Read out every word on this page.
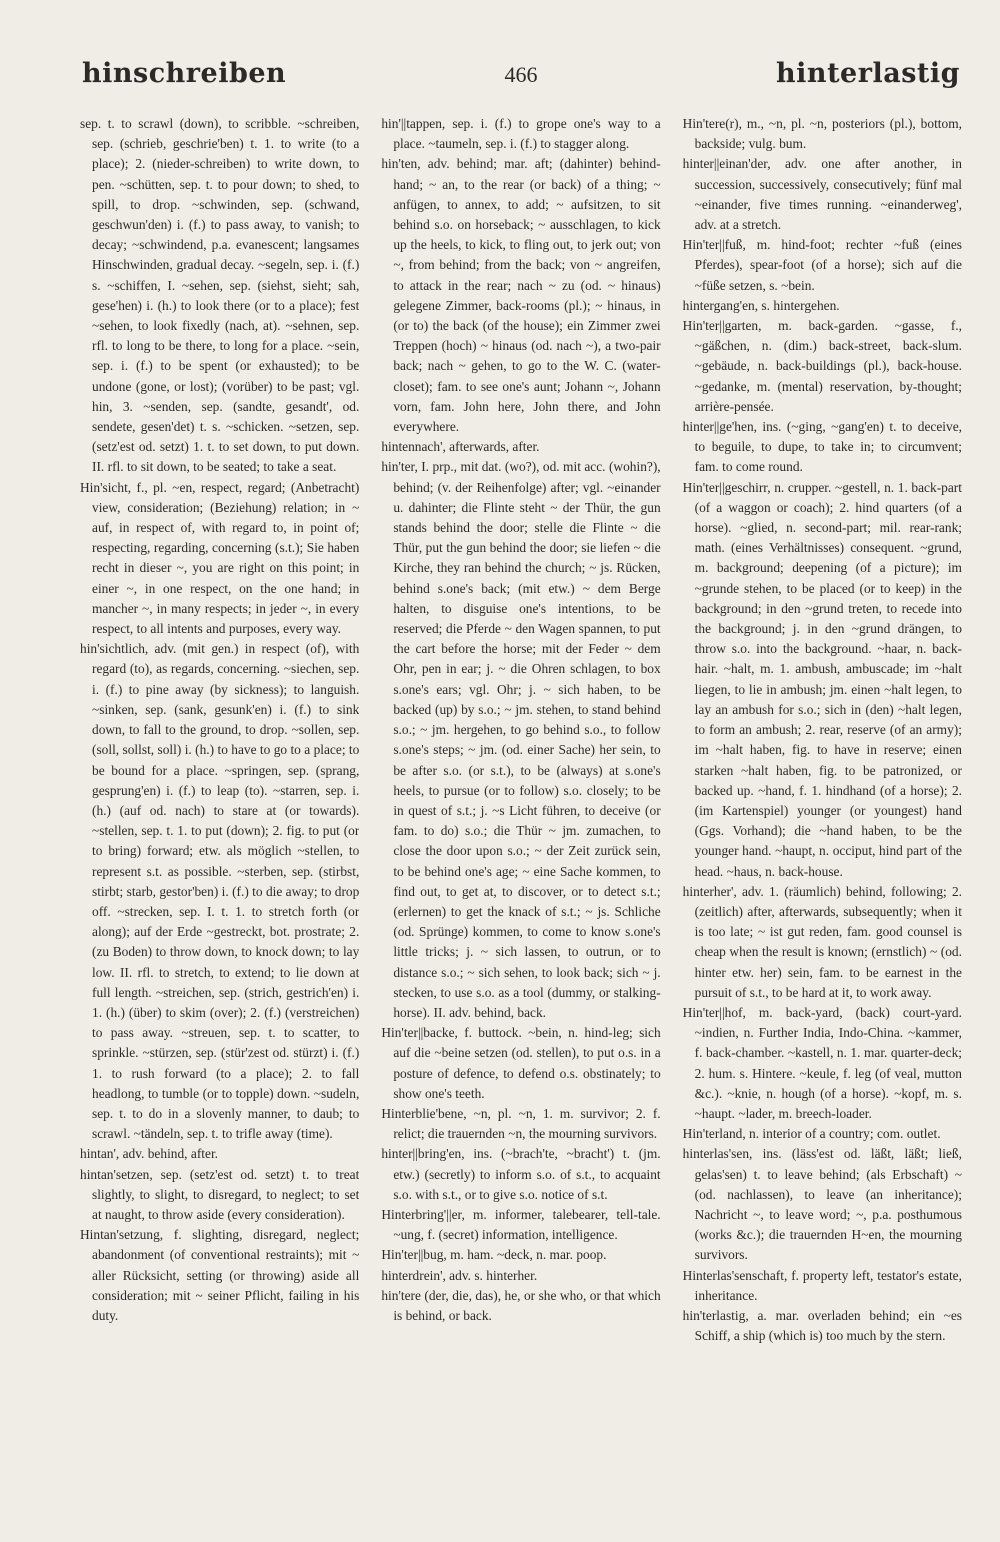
hinschreiben	466	hinterlastig

sep. t. to scrawl (down), to scribble. ~schreiben, sep. (schrieb, geschrie'ben) t. 1. to write (to a place); 2. (nieder-schreiben) to write down, to pen. ~schütten, sep. t. to pour down; to shed, to spill, to drop. ~schwinden, sep. (schwand, geschwun'den) i. (f.) to pass away, to vanish; to decay; ~schwindend, p.a. evanescent; langsames Hinschwinden, gradual decay. ~segeln, sep. i. (f.) s. ~schiffen, I. ~sehen, sep. (siehst, sieht; sah, gese'hen) i. (h.) to look there (or to a place); fest ~sehen, to look fixedly (nach, at). ~sehnen, sep. rfl. to long to be there, to long for a place. ~sein, sep. i. (f.) to be spent (or exhausted); to be undone (gone, or lost); (vorüber) to be past; vgl. hin, 3. ~senden, sep. (sandte, gesandt', od. sendete, gesen'det) t. s. ~schicken. ~setzen, sep. (setz'est od. setzt) 1. t. to set down, to put down. II. rfl. to sit down, to be seated; to take a seat.

Hin'sicht, f., pl. ~en, respect, regard; (Anbetracht) view, consideration; (Beziehung) relation; in ~ auf, in respect of, with regard to, in point of; respecting, regarding, concerning (s.t.); Sie haben recht in dieser ~, you are right on this point; in einer ~, in one respect, on the one hand; in mancher ~, in many respects; in jeder ~, in every respect, to all intents and purposes, every way.

hin'sichtlich, adv. (mit gen.) in respect (of), with regard (to), as regards, concerning. ~siechen, sep. i. (f.) to pine away (by sickness); to languish. ~sinken, sep. (sank, gesunk'en) i. (f.) to sink down, to fall to the ground, to drop. ~sollen, sep. (soll, sollst, soll) i. (h.) to have to go to a place; to be bound for a place. ~springen, sep. (sprang, gesprung'en) i. (f.) to leap (to). ~starren, sep. i. (h.) (auf od. nach) to stare at (or towards). ~stellen, sep. t. 1. to put (down); 2. fig. to put (or to bring) forward; etw. als möglich ~stellen, to represent s.t. as possible. ~sterben, sep. (stirbst, stirbt; starb, gestor'ben) i. (f.) to die away; to drop off. ~strecken, sep. I. t. 1. to stretch forth (or along); auf der Erde ~gestreckt, bot. prostrate; 2. (zu Boden) to throw down, to knock down; to lay low. II. rfl. to stretch, to extend; to lie down at full length. ~streichen, sep. (strich, gestrich'en) i. 1. (h.) (über) to skim (over); 2. (f.) (verstreichen) to pass away. ~streuen, sep. t. to scatter, to sprinkle. ~stürzen, sep. (stür'zest od. stürzt) i. (f.) 1. to rush forward (to a place); 2. to fall headlong, to tumble (or to topple) down. ~sudeln, sep. t. to do in a slovenly manner, to daub; to scrawl. ~tändeln, sep. t. to trifle away (time).

hintan', adv. behind, after.

hintan'setzen, sep. (setz'est od. setzt) t. to treat slightly, to slight, to disregard, to neglect; to set at naught, to throw aside (every consideration).

Hintan'setzung, f. slighting, disregard, neglect; abandonment (of conventional restraints); mit ~ aller Rücksicht, setting (or throwing) aside all consideration; mit ~ seiner Pflicht, failing in his duty.

hin'||tappen, sep. i. (f.) to grope one's way to a place. ~taumeln, sep. i. (f.) to stagger along.

hin'ten, adv. behind; mar. aft; (dahinter) behind-hand; ~ an, to the rear (or back) of a thing; ~ anfügen, to annex, to add; ~ aufsitzen, to sit behind s.o. on horseback; ~ ausschlagen, to kick up the heels, to kick, to fling out, to jerk out; von ~, from behind; from the back; von ~ angreifen, to attack in the rear; nach ~ zu (od. ~ hinaus) gelegene Zimmer, back-rooms (pl.); ~ hinaus, in (or to) the back (of the house); ein Zimmer zwei Treppen (hoch) ~ hinaus (od. nach ~), a two-pair back; nach ~ gehen, to go to the W. C. (water-closet); fam. to see one's aunt; Johann ~, Johann vorn, fam. John here, John there, and John everywhere.

hintennach', afterwards, after.

hin'ter, I. prp., mit dat. (wo?), od. mit acc. (wohin?), behind; (v. der Reihenfolge) after; vgl. ~einander u. dahinter; die Flinte steht ~ der Thür, the gun stands behind the door; stelle die Flinte ~ die Thür, put the gun behind the door; sie liefen ~ die Kirche, they ran behind the church; ~ js. Rücken, behind s.one's back; (mit etw.) ~ dem Berge halten, to disguise one's intentions, to be reserved; die Pferde ~ den Wagen spannen, to put the cart before the horse; mit der Feder ~ dem Ohr, pen in ear; j. ~ die Ohren schlagen, to box s.one's ears; vgl. Ohr; j. ~ sich haben, to be backed (up) by s.o.; ~ jm. stehen, to stand behind s.o.; ~ jm. hergehen, to go behind s.o., to follow s.one's steps; ~ jm. (od. einer Sache) her sein, to be after s.o. (or s.t.), to be (always) at s.one's heels, to pursue (or to follow) s.o. closely; to be in quest of s.t.; j. ~s Licht führen, to deceive (or fam. to do) s.o.; die Thür ~ jm. zumachen, to close the door upon s.o.; ~ der Zeit zurück sein, to be behind one's age; ~ eine Sache kommen, to find out, to get at, to discover, or to detect s.t.; (erlernen) to get the knack of s.t.; ~ js. Schliche (od. Sprünge) kommen, to come to know s.one's little tricks; j. ~ sich lassen, to outrun, or to distance s.o.; ~ sich sehen, to look back; sich ~ j. stecken, to use s.o. as a tool (dummy, or stalking-horse). II. adv. behind, back.

Hin'ter||backe, f. buttock. ~bein, n. hind-leg; sich auf die ~beine setzen (od. stellen), to put o.s. in a posture of defence, to defend o.s. obstinately; to show one's teeth.

Hinterblie'bene, ~n, pl. ~n, 1. m. survivor; 2. f. relict; die trauernden ~n, the mourning survivors.

hinter||bring'en, ins. (~brach'te, ~bracht') t. (jm. etw.) (secretly) to inform s.o. of s.t., to acquaint s.o. with s.t., or to give s.o. notice of s.t.

Hinterbring'||er, m. informer, talebearer, tell-tale. ~ung, f. (secret) information, intelligence.

Hin'ter||bug, m. ham. ~deck, n. mar. poop.

hinterdrein', adv. s. hinterher.

hin'tere (der, die, das), he, or she who, or that which is behind, or back.

Hin'tere(r), m., ~n, pl. ~n, posteriors (pl.), bottom, backside; vulg. bum.

hinter||einan'der, adv. one after another, in succession, successively, consecutively; fünf mal ~einander, five times running. ~einanderweg', adv. at a stretch.

Hin'ter||fuß, m. hind-foot; rechter ~fuß (eines Pferdes), spear-foot (of a horse); sich auf die ~füße setzen, s. ~bein.

hintergang'en, s. hintergehen.

Hin'ter||garten, m. back-garden. ~gasse, f., ~gäßchen, n. (dim.) back-street, back-slum. ~gebäude, n. back-buildings (pl.), back-house. ~gedanke, m. (mental) reservation, by-thought; arrière-pensée.

hinter||ge'hen, ins. (~ging, ~gang'en) t. to deceive, to beguile, to dupe, to take in; to circumvent; fam. to come round.

Hin'ter||geschirr, n. crupper. ~gestell, n. 1. back-part (of a waggon or coach); 2. hind quarters (of a horse). ~glied, n. second-part; mil. rear-rank; math. (eines Verhältnisses) consequent. ~grund, m. background; deepening (of a picture); im ~grunde stehen, to be placed (or to keep) in the background; in den ~grund treten, to recede into the background; j. in den ~grund drängen, to throw s.o. into the background. ~haar, n. back-hair. ~halt, m. 1. ambush, ambuscade; im ~halt liegen, to lie in ambush; jm. einen ~halt legen, to lay an ambush for s.o.; sich in (den) ~halt legen, to form an ambush; 2. rear, reserve (of an army); im ~halt haben, fig. to have in reserve; einen starken ~halt haben, fig. to be patronized, or backed up. ~hand, f. 1. hindhand (of a horse); 2. (im Kartenspiel) younger (or youngest) hand (Ggs. Vorhand); die ~hand haben, to be the younger hand. ~haupt, n. occiput, hind part of the head. ~haus, n. back-house.

hinterher', adv. 1. (räumlich) behind, following; 2. (zeitlich) after, afterwards, subsequently; when it is too late; ~ ist gut reden, fam. good counsel is cheap when the result is known; (ernstlich) ~ (od. hinter etw. her) sein, fam. to be earnest in the pursuit of s.t., to be hard at it, to work away.

Hin'ter||hof, m. back-yard, (back) court-yard. ~indien, n. Further India, Indo-China. ~kammer, f. back-chamber. ~kastell, n. 1. mar. quarter-deck; 2. hum. s. Hintere. ~keule, f. leg (of veal, mutton &c.). ~knie, n. hough (of a horse). ~kopf, m. s. ~haupt. ~lader, m. breech-loader.

Hin'terland, n. interior of a country; com. outlet.

hinterlas'sen, ins. (läss'est od. läßt, läßt; ließ, gelas'sen) t. to leave behind; (als Erbschaft) ~ (od. nachlassen), to leave (an inheritance); Nachricht ~, to leave word; ~, p.a. posthumous (works &c.); die trauernden H~en, the mourning survivors.

Hinterlas'senschaft, f. property left, testator's estate, inheritance.

hin'terlastig, a. mar. overladen behind; ein ~es Schiff, a ship (which is) too much by the stern.
